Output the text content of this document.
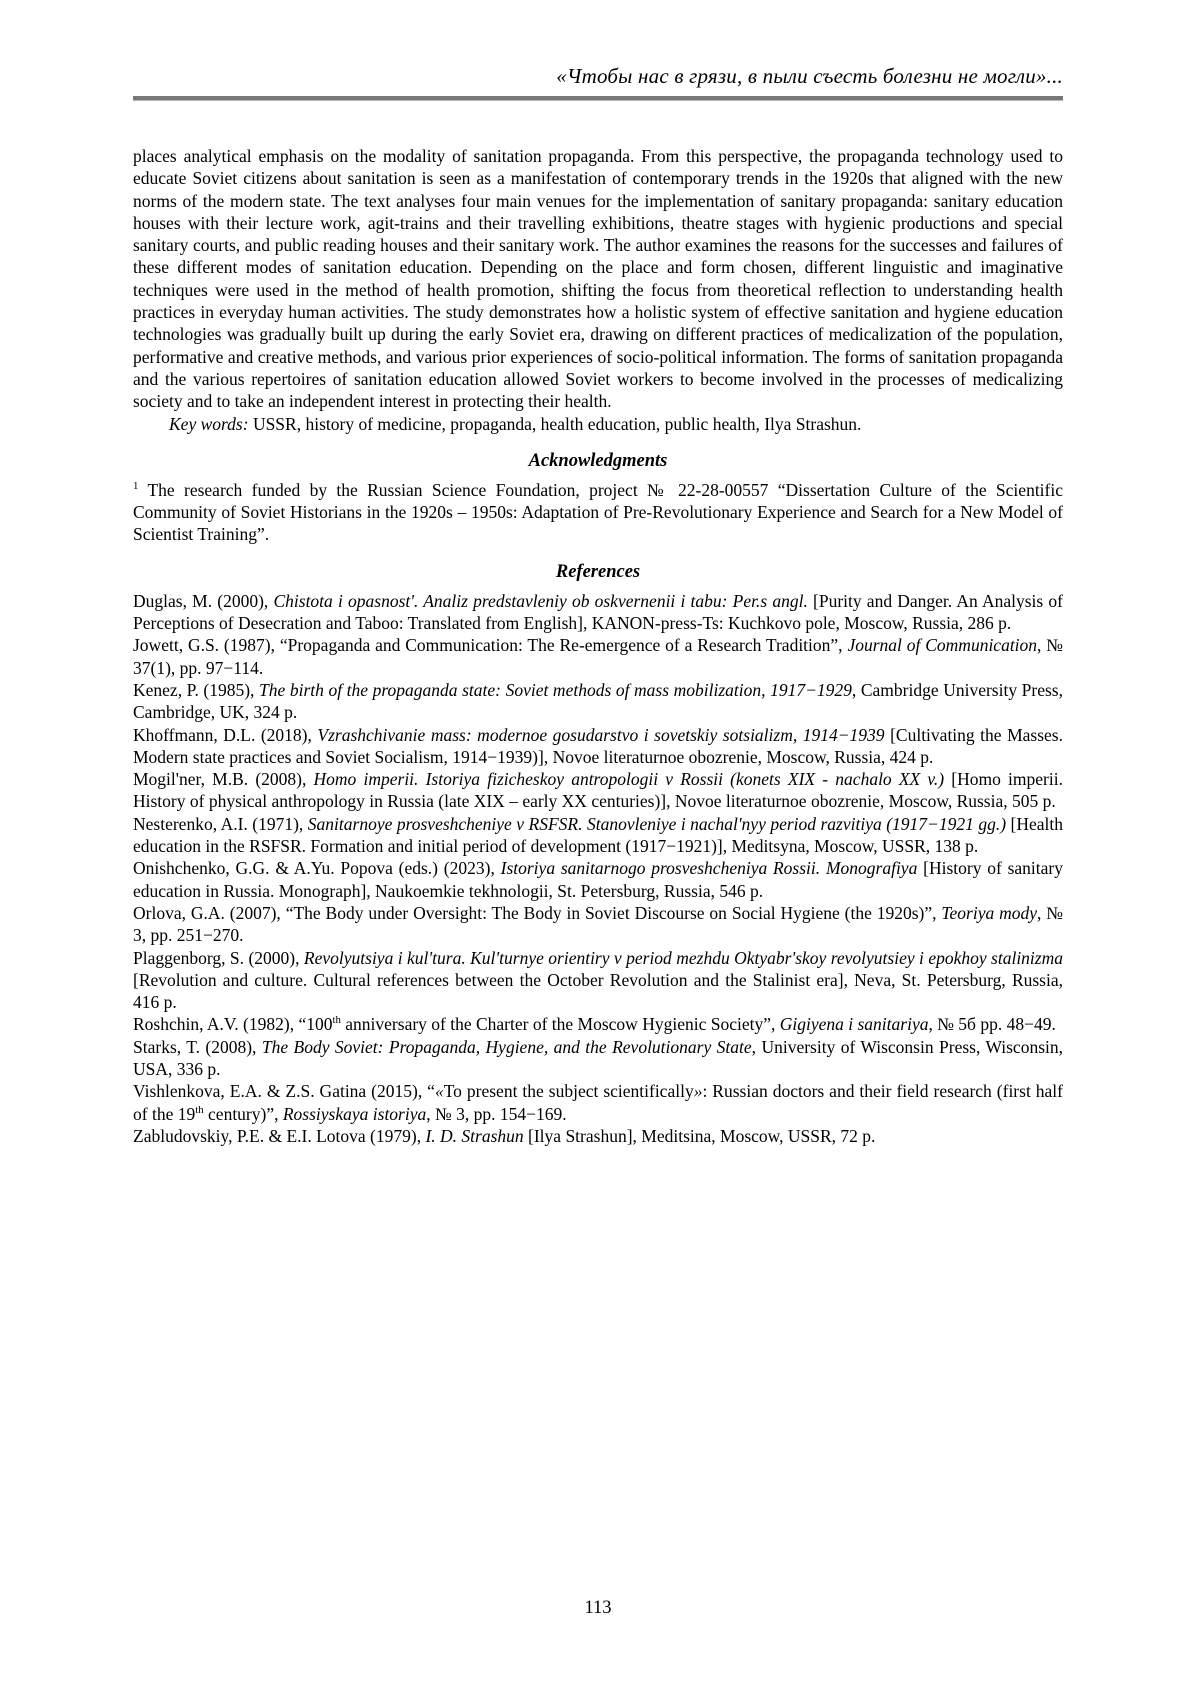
«Чтобы нас в грязи, в пыли съесть болезни не могли»...

places analytical emphasis on the modality of sanitation propaganda. From this perspective, the propaganda technology used to educate Soviet citizens about sanitation is seen as a manifestation of contemporary trends in the 1920s that aligned with the new norms of the modern state. The text analyses four main venues for the implementation of sanitary propaganda: sanitary education houses with their lecture work, agit-trains and their travelling exhibitions, theatre stages with hygienic productions and special sanitary courts, and public reading houses and their sanitary work. The author examines the reasons for the successes and failures of these different modes of sanitation education. Depending on the place and form chosen, different linguistic and imaginative techniques were used in the method of health promotion, shifting the focus from theoretical reflection to understanding health practices in everyday human activities. The study demonstrates how a holistic system of effective sanitation and hygiene education technologies was gradually built up during the early Soviet era, drawing on different practices of medicalization of the population, performative and creative methods, and various prior experiences of socio-political information. The forms of sanitation propaganda and the various repertoires of sanitation education allowed Soviet workers to become involved in the processes of medicalizing society and to take an independent interest in protecting their health.

Key words: USSR, history of medicine, propaganda, health education, public health, Ilya Strashun.

Acknowledgments

$^1$ The research funded by the Russian Science Foundation, project № 22-28-00557 “Dissertation Culture of the Scientific Community of Soviet Historians in the 1920s – 1950s: Adaptation of Pre-Revolutionary Experience and Search for a New Model of Scientist Training”.

References

Duglas, M. (2000), Chistota i opasnost'. Analiz predstavleniy ob oskvernenii i tabu: Per.s angl. [Purity and Danger. An Analysis of Perceptions of Desecration and Taboo: Translated from English], KANON-press-Ts: Kuchkovo pole, Moscow, Russia, 286 p.

Jowett, G.S. (1987), “Propaganda and Communication: The Re-emergence of a Research Tradition”, Journal of Communication, № 37(1), pp. 97−114.

Kenez, P. (1985), The birth of the propaganda state: Soviet methods of mass mobilization, 1917−1929, Cambridge University Press, Cambridge, UK, 324 p.

Khoffmann, D.L. (2018), Vzrashchivanie mass: modernoe gosudarstvo i sovetskiy sotsializm, 1914−1939 [Cultivating the Masses. Modern state practices and Soviet Socialism, 1914−1939)], Novoe literaturnoe obozrenie, Moscow, Russia, 424 p.

Mogil'ner, M.B. (2008), Homo imperii. Istoriya fizicheskoy antropologii v Rossii (konets XIX - nachalo XX v.) [Homo imperii. History of physical anthropology in Russia (late XIX – early XX centuries)], Novoe literaturnoe obozrenie, Moscow, Russia, 505 p.

Nesterenko, A.I. (1971), Sanitarnoye prosveshcheniye v RSFSR. Stanovleniye i nachal'nyy period razvitiya (1917−1921 gg.) [Health education in the RSFSR. Formation and initial period of development (1917−1921)], Meditsyna, Moscow, USSR, 138 p.

Onishchenko, G.G. & A.Yu. Popova (eds.) (2023), Istoriya sanitarnogo prosveshcheniya Rossii. Monografiya [History of sanitary education in Russia. Monograph], Naukoemkie tekhnologii, St. Petersburg, Russia, 546 p.

Orlova, G.A. (2007), “The Body under Oversight: The Body in Soviet Discourse on Social Hygiene (the 1920s)”, Teoriya mody, № 3, pp. 251−270.

Plaggenborg, S. (2000), Revolyutsiya i kul'tura. Kul'turnye orientiry v period mezhdu Oktyabr'skoy revolyutsiey i epokhoy stalinizma [Revolution and culture. Cultural references between the October Revolution and the Stalinist era], Neva, St. Petersburg, Russia, 416 p.

Roshchin, A.V. (1982), “100th anniversary of the Charter of the Moscow Hygienic Society”, Gigiyena i sanitariya, № 5б pp. 48−49.

Starks, T. (2008), The Body Soviet: Propaganda, Hygiene, and the Revolutionary State, University of Wisconsin Press, Wisconsin, USA, 336 p.

Vishlenkova, E.A. & Z.S. Gatina (2015), “«To present the subject scientifically»: Russian doctors and their field research (first half of the 19th century)”, Rossiyskaya istoriya, № 3, pp. 154−169.

Zabludovskiy, P.E. & E.I. Lotova (1979), I. D. Strashun [Ilya Strashun], Meditsina, Moscow, USSR, 72 p.

113
